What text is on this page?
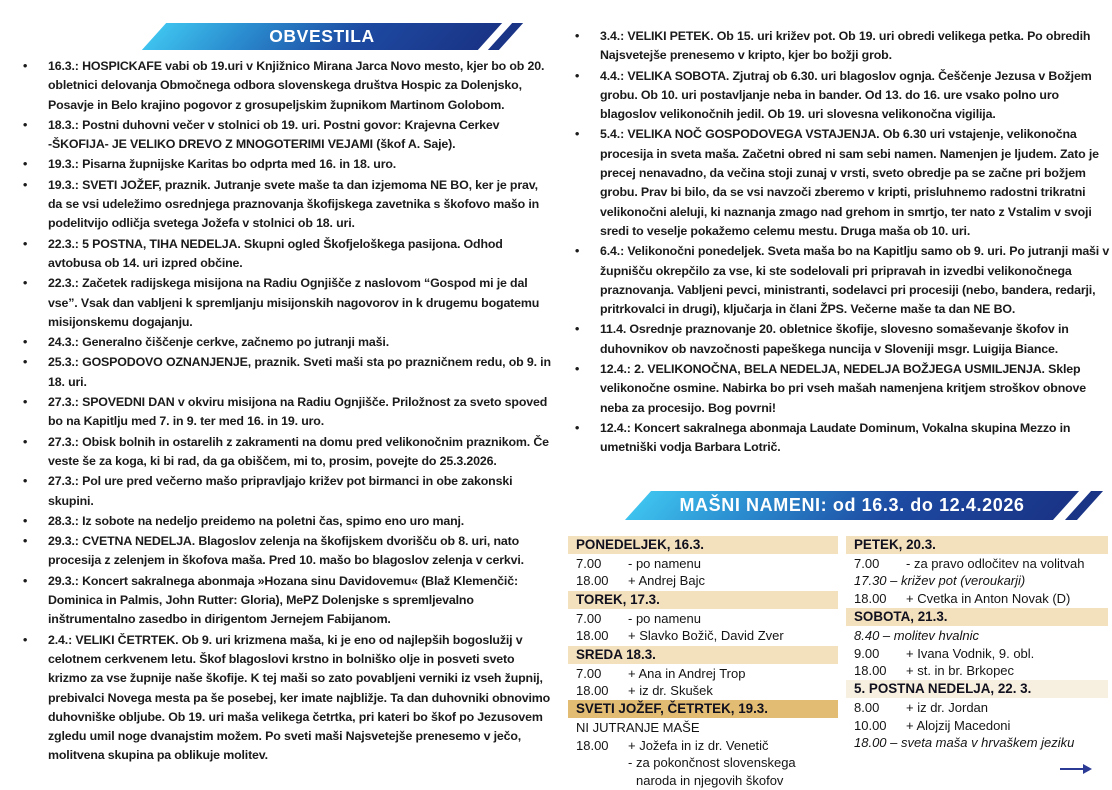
OBVESTILA
•	16.3.: HOSPICKAFE vabi ob 19.uri v Knjižnico Mirana Jarca Novo mesto, kjer bo ob 20. obletnici delovanja Območnega odbora slovenskega društva Hospic za Dolenjsko, Posavje in Belo krajino pogovor z grosupeljskim župnikom Martinom Golobom.
•	18.3.: Postni duhovni večer v stolnici ob 19. uri. Postni govor: Krajevna Cerkev -ŠKOFIJA- JE VELIKO DREVO Z MNOGOTERIMI VEJAMI (škof A. Saje).
•	19.3.: Pisarna župnijske Karitas bo odprta med 16. in 18. uro.
•	19.3.: SVETI JOŽEF, praznik. Jutranje svete maše ta dan izjemoma NE BO, ker je prav, da se vsi udeležimo osrednjega praznovanja škofijskega zavetnika s škofovo mašo in podelitvijo odličja svetega Jožefa v stolnici ob 18. uri.
•	22.3.: 5 POSTNA, TIHA NEDELJA. Skupni ogled Škofjeloškega pasijona. Odhod avtobusa ob 14. uri izpred občine.
•	22.3.: Začetek radijskega misijona na Radiu Ognjišče z naslovom “Gospod mi je dal vse”. Vsak dan vabljeni k spremljanju misijonskih nagovorov in k drugemu bogatemu misijonskemu dogajanju.
•	24.3.: Generalno čiščenje cerkve, začnemo po jutranji maši.
•	25.3.: GOSPODOVO OZNANJENJE, praznik. Sveti maši sta po prazničnem redu, ob 9. in 18. uri.
•	27.3.: SPOVEDNI DAN v okviru misijona na Radiu Ognjišče. Priložnost za sveto spoved bo na Kapitlju med 7. in 9. ter med 16. in 19. uro.
•	27.3.: Obisk bolnih in ostarelih z zakramenti na domu pred velikonočnim praznikom. Če veste še za koga, ki bi rad, da ga obiščem, mi to, prosim, povejte do 25.3.2026.
•	27.3.: Pol ure pred večerno mašo pripravljajo križev pot birmanci in obe zakonski skupini.
•	28.3.: Iz sobote na nedeljo preidemo na poletni čas, spimo eno uro manj.
•	29.3.: CVETNA NEDELJA. Blagoslov zelenja na škofijskem dvorišču ob 8. uri, nato procesija z zelenjem in škofova maša. Pred 10. mašo bo blagoslov zelenja v cerkvi.
•	29.3.: Koncert sakralnega abonmaja »Hozana sinu Davidovemu« (Blaž Klemenčič: Dominica in Palmis, John Rutter: Gloria), MePZ Dolenjske s spremljevalno inštrumentalno zasedbo in dirigentom Jernejem Fabijanom.
•	2.4.: VELIKI ČETRTEK. Ob 9. uri krizmena maša, ki je eno od najlepših bogoslužij v celotnem cerkvenem letu. Škof blagoslovi krstno in bolniško olje in posveti sveto krizmo za vse župnije naše škofije. K tej maši so zato povabljeni verniki iz vseh župnij, prebivalci Novega mesta pa še posebej, ker imate najbližje. Ta dan duhovniki obnovimo duhovniške obljube. Ob 19. uri maša velikega četrtka, pri kateri bo škof po Jezusovem zgledu umil noge dvanajstim možem. Po sveti maši Najsvetejše prenesemo v ječo, molitvena skupina pa oblikuje molitev.
•	3.4.: VELIKI PETEK. Ob 15. uri križev pot. Ob 19. uri obredi velikega petka. Po obredih Najsvetejše prenesemo v kripto, kjer bo božji grob.
•	4.4.: VELIKA SOBOTA. Zjutraj ob 6.30. uri blagoslov ognja. Češčenje Jezusa v Božjem grobu. Ob 10. uri postavljanje neba in bander. Od 13. do 16. ure vsako polno uro blagoslov velikonočnih jedil. Ob 19. uri slovesna velikonočna vigilija.
•	5.4.: VELIKA NOČ GOSPODOVEGA VSTAJENJA. Ob 6.30 uri vstajenje, velikonočna procesija in sveta maša. Začetni obred ni sam sebi namen. Namenjen je ljudem. Zato je precej nenavadno, da večina stoji zunaj v vrsti, sveto obredje pa se začne pri božjem grobu. Prav bi bilo, da se vsi navzoči zberemo v kripti, prisluhnemo radostni trikratni velikonočni aleluji, ki naznanja zmago nad grehom in smrtjo, ter nato z Vstalim v svoji sredi to veselje pokažemo celemu mestu. Druga maša ob 10. uri.
•	6.4.: Velikonočni ponedeljek. Sveta maša bo na Kapitlju samo ob 9. uri. Po jutranji maši v župnišču okrepčilo za vse, ki ste sodelovali pri pripravah in izvedbi velikonočnega praznovanja. Vabljeni pevci, ministranti, sodelavci pri procesiji (nebo, bandera, redarji, pritrkovalci in drugi), ključarja in člani ŽPS. Večerne maše ta dan NE BO.
•	11.4. Osrednje praznovanje 20. obletnice škofije, slovesno somaševanje škofov in duhovnikov ob navzočnosti papeškega nuncija v Sloveniji msgr. Luigija Biance.
•	12.4.: 2. VELIKONOČNA, BELA NEDELJA, NEDELJA BOŽJEGA USMILJENJA. Sklep velikonočne osmine. Nabirka bo pri vseh mašah namenjena kritjem stroškov obnove neba za procesijo. Bog povrni!
•	12.4.: Koncert sakralnega abonmaja Laudate Dominum, Vokalna skupina Mezzo in umetniški vodja Barbara Lotrič.
MAŠNI NAMENI: od 16.3. do 12.4.2026
PONEDELJEK, 16.3.
7.00	- po namenu
18.00	+ Andrej Bajc
TOREK, 17.3.
7.00	- po namenu
18.00	+ Slavko Božič, David Zver
SREDA 18.3.
7.00	+ Ana in Andrej Trop
18.00	+ iz dr. Skušek
SVETI JOŽEF, ČETRTEK, 19.3.
NI JUTRANJE MAŠE
18.00	+ Jožefa in iz dr. Venetič
- za pokončnost slovenskega
naroda in njegovih škofov
PETEK, 20.3.
7.00	- za pravo odločitev na volitvah
17.30 – križev pot (veroukarji)
18.00	+ Cvetka in Anton Novak (D)
SOBOTA, 21.3.
8.40 – molitev hvalnic
9.00	+ Ivana Vodnik, 9. obl.
18.00	+ st. in br. Brkopec
5. POSTNA NEDELJA, 22. 3.
8.00	+ iz dr. Jordan
10.00	+ Alojzij Macedoni
18.00 – sveta maša v hrvaškem jeziku
